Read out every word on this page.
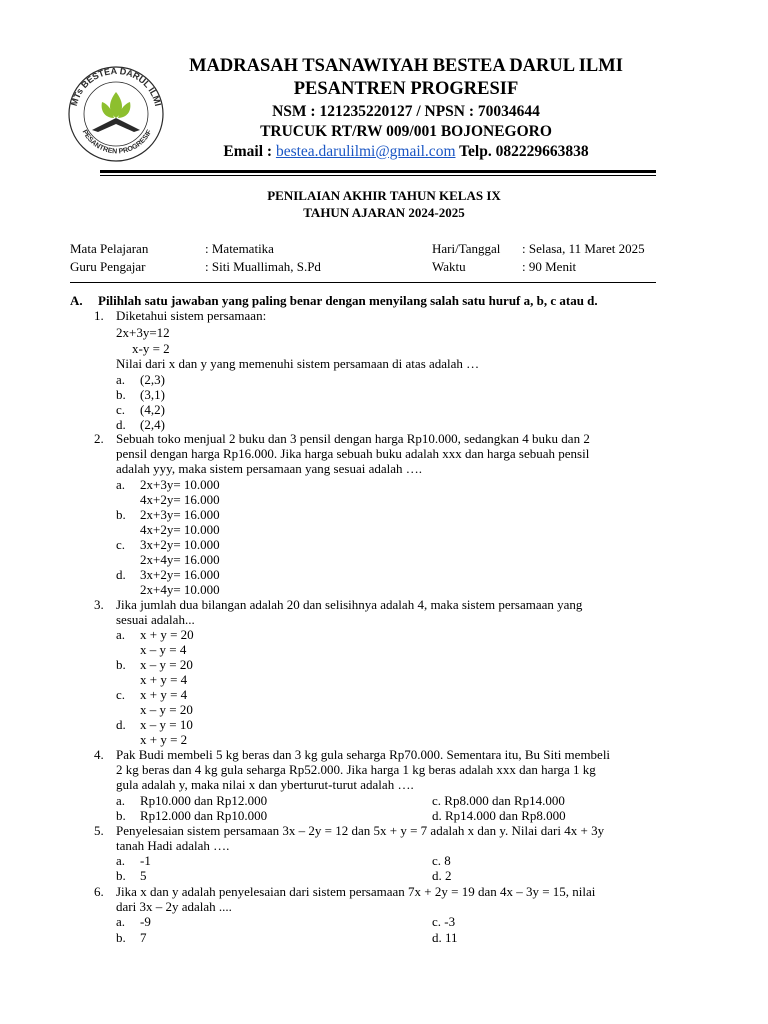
MTs BESTEA DARUL ILMI
PESANTREN PROGRESIF
MADRASAH TSANAWIYAH BESTEA DARUL ILMI
PESANTREN PROGRESIF
NSM : 121235220127 / NPSN : 70034644
TRUCUK RT/RW 009/001 BOJONEGORO
Email : bestea.darulilmi@gmail.com Telp. 082229663838
PENILAIAN AKHIR TAHUN KELAS IX
TAHUN AJARAN 2024-2025
Mata Pelajaran	: Matematika	Hari/Tanggal : Selasa, 11 Maret 2025
Guru Pengajar	: Siti Muallimah, S.Pd	Waktu	: 90 Menit
A. Pilihlah satu jawaban yang paling benar dengan menyilang salah satu huruf a, b, c atau d.
1. Diketahui sistem persamaan:
2x+3y=12
x-y = 2
Nilai dari x dan y yang memenuhi sistem persamaan di atas adalah …
a. (2,3)
b. (3,1)
c. (4,2)
d. (2,4)
2. Sebuah toko menjual 2 buku dan 3 pensil dengan harga Rp10.000, sedangkan 4 buku dan 2
pensil dengan harga Rp16.000. Jika harga sebuah buku adalah xxx dan harga sebuah pensil
adalah yyy, maka sistem persamaan yang sesuai adalah ….
a. 2x+3y= 10.000
4x+2y= 16.000
b. 2x+3y= 16.000
4x+2y= 10.000
c. 3x+2y= 10.000
2x+4y= 16.000
d. 3x+2y= 16.000
2x+4y= 10.000
3. Jika jumlah dua bilangan adalah 20 dan selisihnya adalah 4, maka sistem persamaan yang
sesuai adalah...
a. x + y = 20
x – y = 4
b. x – y = 20
x + y = 4
c. x + y = 4
x – y = 20
d. x – y = 10
x + y = 2
4. Pak Budi membeli 5 kg beras dan 3 kg gula seharga Rp70.000. Sementara itu, Bu Siti membeli
2 kg beras dan 4 kg gula seharga Rp52.000. Jika harga 1 kg beras adalah xxx dan harga 1 kg
gula adalah y, maka nilai x dan yberturut-turut adalah ….
a. Rp10.000 dan Rp12.000	c. Rp8.000 dan Rp14.000
b. Rp12.000 dan Rp10.000	d. Rp14.000 dan Rp8.000
5. Penyelesaian sistem persamaan 3x – 2y = 12 dan 5x + y = 7 adalah x dan y. Nilai dari 4x + 3y
tanah Hadi adalah ….
a. -1	c. 8
b. 5	d. 2
6. Jika x dan y adalah penyelesaian dari sistem persamaan 7x + 2y = 19 dan 4x – 3y = 15, nilai
dari 3x – 2y adalah ....
a. -9	c. -3
b. 7	d. 11
